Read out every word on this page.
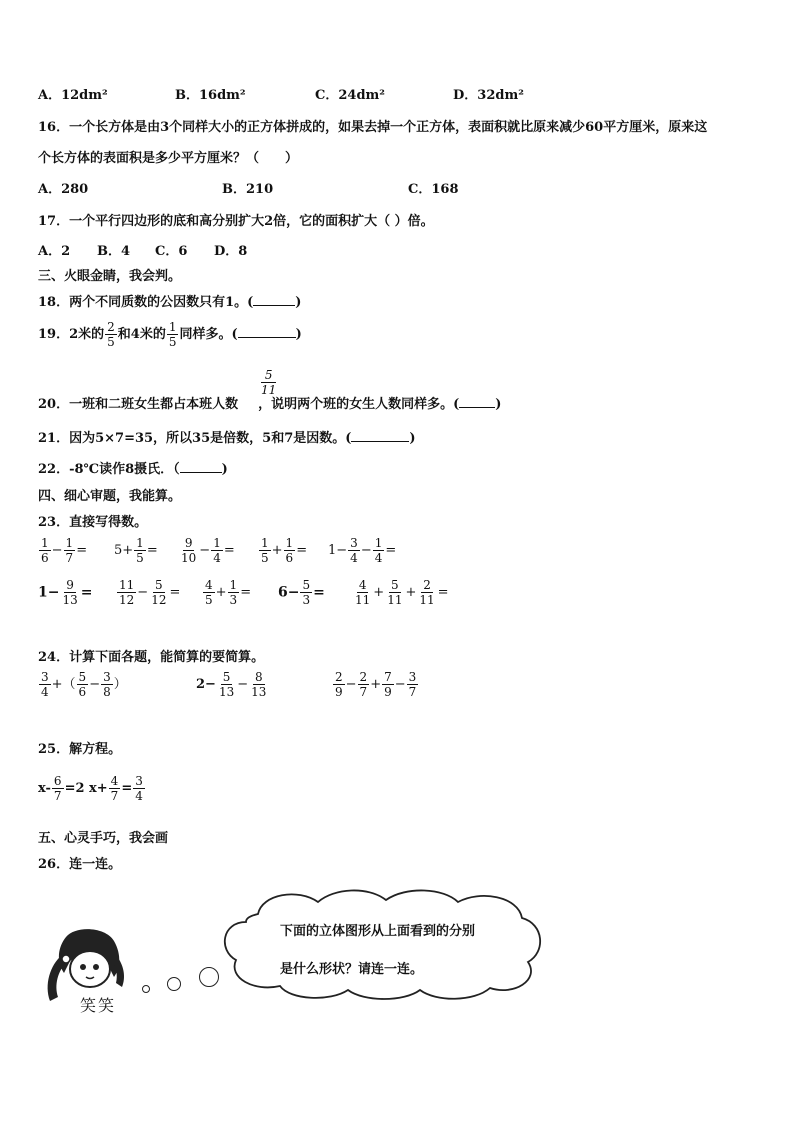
A．12dm²	B．16dm²	C．24dm²	D．32dm²
16．一个长方体是由3个同样大小的正方体拼成的，如果去掉一个正方体，表面积就比原来减少60平方厘米，原来这
个长方体的表面积是多少平方厘米？（　　）
A．280	B．210	C．168
17．一个平行四边形的底和高分别扩大2倍，它的面积扩大（ ）倍。
A．2 B．4 C．6 D．8
三、火眼金睛，我会判。
18．两个不同质数的公因数只有1。(	)
19．2米的 $\frac{2}{5}$ 和4米的 $\frac{1}{5}$ 同样多。(	)
5
11
20．一班和二班女生都占本班人数 ，说明两个班的女生人数同样多。(	)
21．因为5×7=35，所以35是倍数，5和7是因数。(	)
22．-8℃读作8摄氏．（	)
四、细心审题，我能算。
23．直接写得数。
$\frac{1}{6} - \frac{1}{7} = 5+ \frac{1}{5} = \frac{9}{10} - \frac{1}{4} = \frac{1}{5} + \frac{1}{6} = 1- \frac{3}{4} - \frac{1}{4}$ =
$1- \frac{9}{13} = \frac{11}{12} - \frac{5}{12} = \frac{4}{5} + \frac{1}{3} = 6- \frac{5}{3} = \frac{4}{11} + \frac{5}{11} + \frac{2}{11}$ =
24．计算下面各题，能简算的要简算。
$\frac{3}{4}$ +（ $\frac{5}{6} - \frac{3}{8}$ ）	$2- \frac{5}{13} - \frac{8}{13}$	$\frac{2}{9} - \frac{2}{7} + \frac{7}{9} - \frac{3}{7}$
25．解方程。
$x- \frac{6}{7} =2$ $x+ \frac{4}{7} = \frac{3}{4}$
五、心灵手巧，我会画
26．连一连。
笑笑
下面的立体图形从上面看到的分别
是什么形状？请连一连。
